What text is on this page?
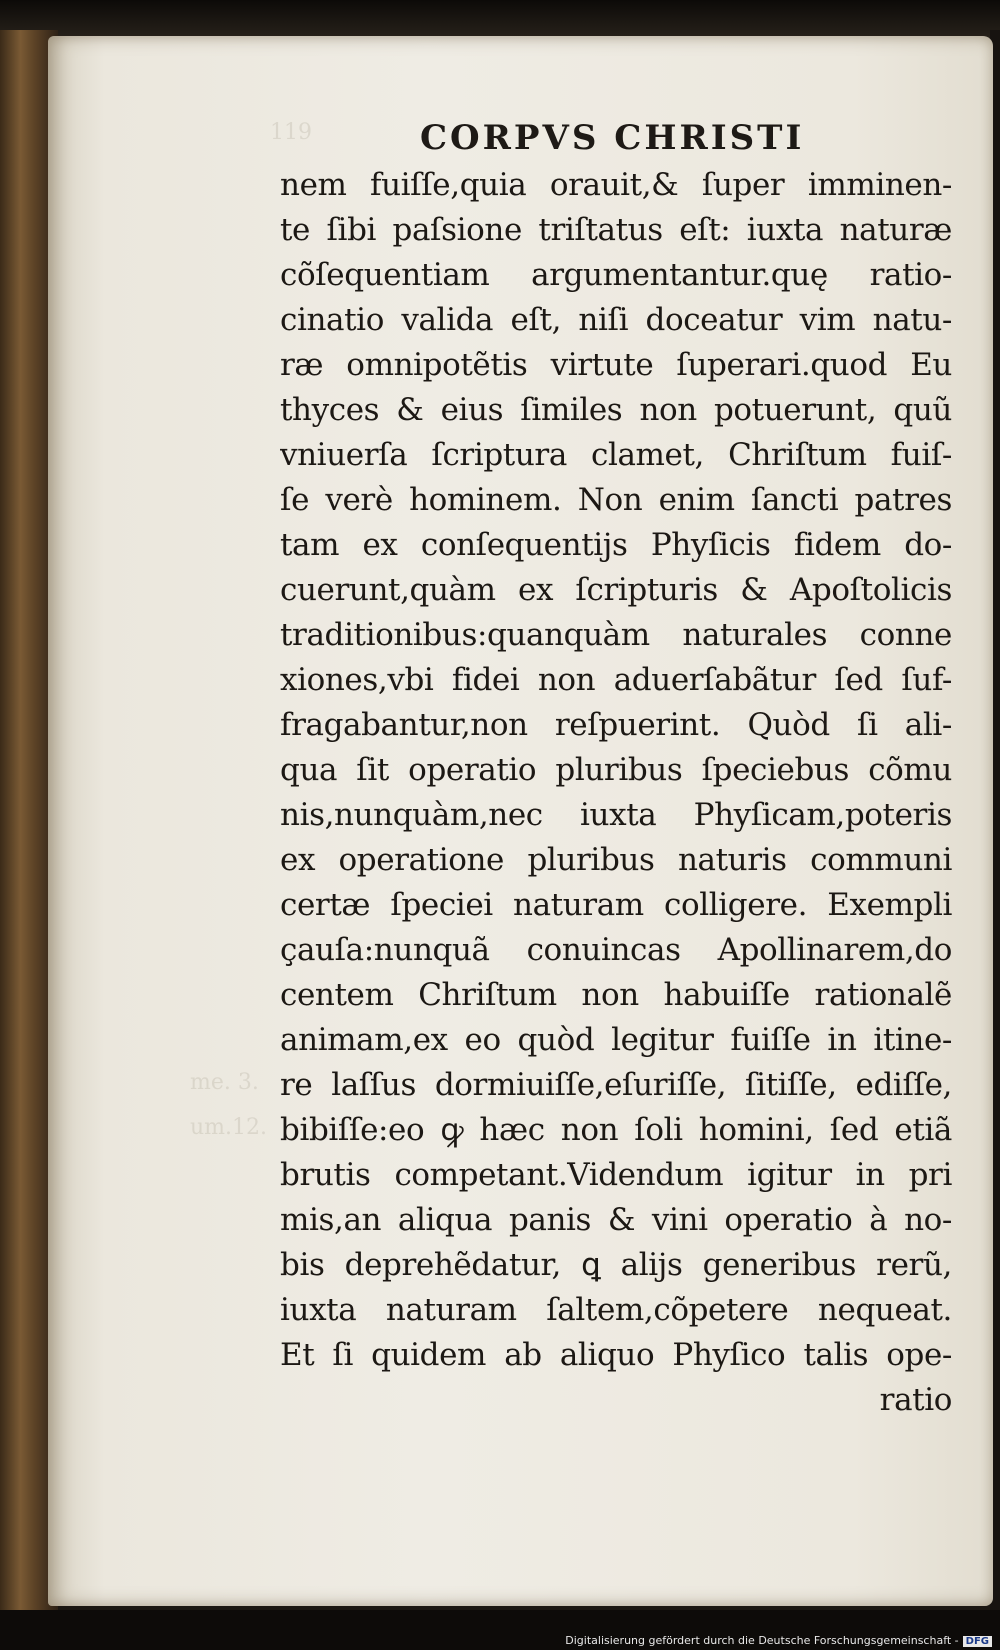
119
me. 3.
um.12.
CORPVS CHRISTI
nem fuiſſe,quia orauit,& ſuper imminen-
te ſibi paſsione triſtatus eſt: iuxta naturæ
cõſequentiam argumentantur.quę ratio-
cinatio valida eſt, niſi doceatur vim natu-
ræ omnipotẽtis virtute ſuperari.quod Eu
thyces & eius ſimiles non potuerunt, quũ
vniuerſa ſcriptura clamet, Chriſtum fuiſ-
ſe verè hominem. Non enim ſancti patres
tam ex conſequentijs Phyſicis fidem do-
cuerunt,quàm ex ſcripturis & Apoſtolicis
traditionibus:quanquàm naturales conne
xiones,vbi fidei non aduerſabãtur ſed ſuf-
fragabantur,non reſpuerint. Quòd ſi ali-
qua ſit operatio pluribus ſpeciebus cõmu
nis,nunquàm,nec iuxta Phyſicam,poteris
ex operatione pluribus naturis communi
certæ ſpeciei naturam colligere. Exempli
çauſa:nunquã conuincas Apollinarem,do
centem Chriſtum non habuiſſe rationalẽ
animam,ex eo quòd legitur fuiſſe in itine-
re laſſus dormiuiſſe,eſuriſſe, ſitiſſe, ediſſe,
bibiſſe:eo ꝙ hæc non ſoli homini, ſed etiã
brutis competant.Videndum igitur in pri
mis,an aliqua panis & vini operatio à no-
bis deprehẽdatur, ꝗ alijs generibus rerũ,
iuxta naturam ſaltem,cõpetere nequeat.
Et ſi quidem ab aliquo Phyſico talis ope-
ratio
Digitalisierung gefördert durch die Deutsche Forschungsgemeinschaft - DFG
